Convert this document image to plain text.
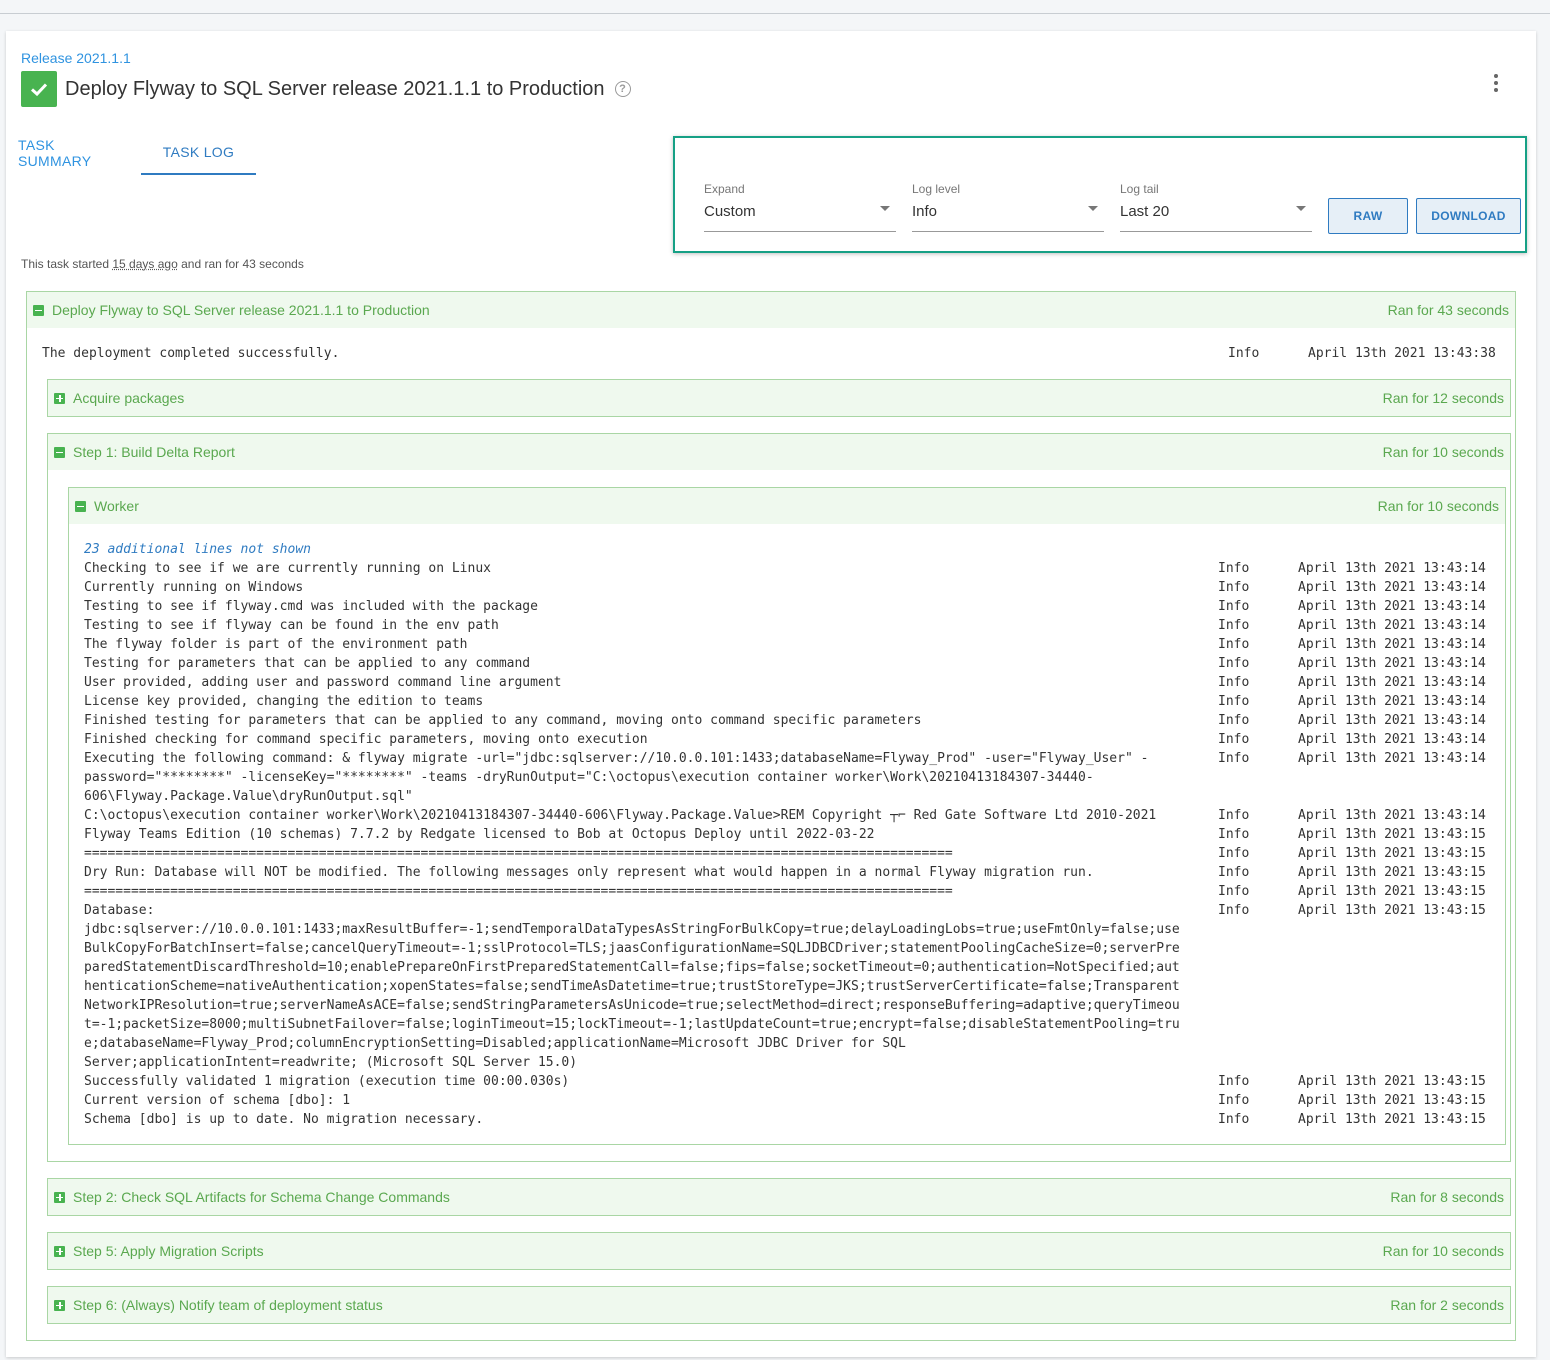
Release 2021.1.1
Deploy Flyway to SQL Server release 2021.1.1 to Production	?
TASK SUMMARY
TASK LOG
Expand
Custom
Log level
Info
Log tail
Last 20	RAW	DOWNLOAD
This task started 15 days ago and ran for 43 seconds
Deploy Flyway to SQL Server release 2021.1.1 to Production	Ran for 43 seconds
The deployment completed successfully.	Info	April 13th 2021 13:43:38
Acquire packages	Ran for 12 seconds
Step 1: Build Delta Report	Ran for 10 seconds
Worker	Ran for 10 seconds
23 additional lines not shown
Checking to see if we are currently running on Linux	Info	April 13th 2021 13:43:14
Currently running on Windows	Info	April 13th 2021 13:43:14
Testing to see if flyway.cmd was included with the package	Info	April 13th 2021 13:43:14
Testing to see if flyway can be found in the env path	Info	April 13th 2021 13:43:14
The flyway folder is part of the environment path	Info	April 13th 2021 13:43:14
Testing for parameters that can be applied to any command	Info	April 13th 2021 13:43:14
User provided, adding user and password command line argument	Info	April 13th 2021 13:43:14
License key provided, changing the edition to teams	Info	April 13th 2021 13:43:14
Finished testing for parameters that can be applied to any command, moving onto command specific parameters	Info	April 13th 2021 13:43:14
Finished checking for command specific parameters, moving onto execution	Info	April 13th 2021 13:43:14
Executing the following command: & flyway migrate -url="jdbc:sqlserver://10.0.0.101:1433;databaseName=Flyway_Prod" -user="Flyway_User" -
password="********" -licenseKey="********" -teams -dryRunOutput="C:\octopus\execution container worker\Work\20210413184307-34440-
606\Flyway.Package.Value\dryRunOutput.sql"
Info	April 13th 2021 13:43:14
C:\octopus\execution container worker\Work\20210413184307-34440-606\Flyway.Package.Value>REM Copyright ┬⌐ Red Gate Software Ltd 2010-2021	Info	April 13th 2021 13:43:14
Flyway Teams Edition (10 schemas) 7.7.2 by Redgate licensed to Bob at Octopus Deploy until 2022-03-22	Info	April 13th 2021 13:43:15
===============================================================================================================	Info	April 13th 2021 13:43:15
Dry Run: Database will NOT be modified. The following messages only represent what would happen in a normal Flyway migration run.	Info	April 13th 2021 13:43:15
===============================================================================================================	Info	April 13th 2021 13:43:15
Database:
jdbc:sqlserver://10.0.0.101:1433;maxResultBuffer=-1;sendTemporalDataTypesAsStringForBulkCopy=true;delayLoadingLobs=true;useFmtOnly=false;use
BulkCopyForBatchInsert=false;cancelQueryTimeout=-1;sslProtocol=TLS;jaasConfigurationName=SQLJDBCDriver;statementPoolingCacheSize=0;serverPre
paredStatementDiscardThreshold=10;enablePrepareOnFirstPreparedStatementCall=false;fips=false;socketTimeout=0;authentication=NotSpecified;aut
henticationScheme=nativeAuthentication;xopenStates=false;sendTimeAsDatetime=true;trustStoreType=JKS;trustServerCertificate=false;Transparent
NetworkIPResolution=true;serverNameAsACE=false;sendStringParametersAsUnicode=true;selectMethod=direct;responseBuffering=adaptive;queryTimeou
t=-1;packetSize=8000;multiSubnetFailover=false;loginTimeout=15;lockTimeout=-1;lastUpdateCount=true;encrypt=false;disableStatementPooling=tru
e;databaseName=Flyway_Prod;columnEncryptionSetting=Disabled;applicationName=Microsoft JDBC Driver for SQL
Server;applicationIntent=readwrite; (Microsoft SQL Server 15.0)
Info	April 13th 2021 13:43:15
Successfully validated 1 migration (execution time 00:00.030s)	Info	April 13th 2021 13:43:15
Current version of schema [dbo]: 1	Info	April 13th 2021 13:43:15
Schema [dbo] is up to date. No migration necessary.	Info	April 13th 2021 13:43:15
Step 2: Check SQL Artifacts for Schema Change Commands	Ran for 8 seconds
Step 5: Apply Migration Scripts	Ran for 10 seconds
Step 6: (Always) Notify team of deployment status	Ran for 2 seconds
